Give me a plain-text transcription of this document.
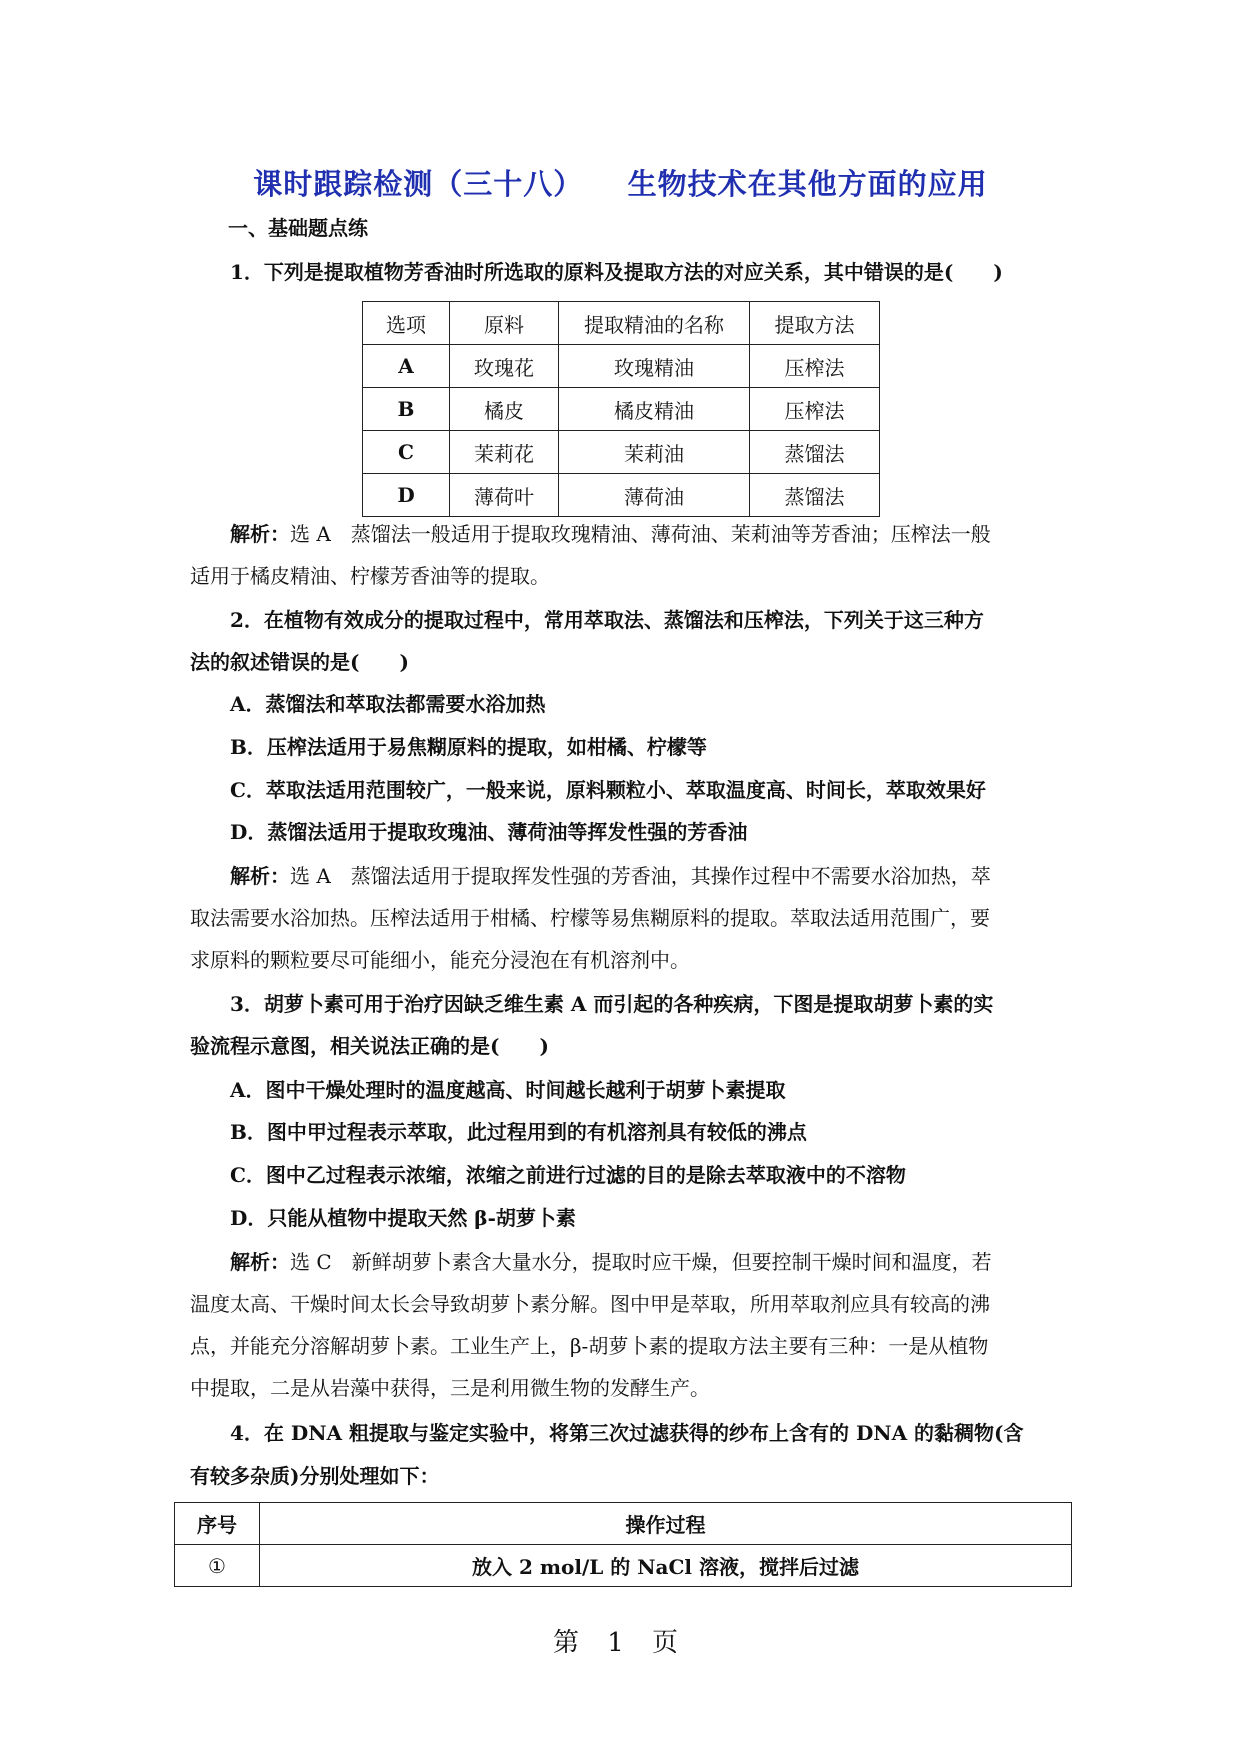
课时跟踪检测（三十八）    生物技术在其他方面的应用
一、基础题点练
1．下列是提取植物芳香油时所选取的原料及提取方法的对应关系，其中错误的是(　　)
选项	原料	提取精油的名称	提取方法
A	玫瑰花	玫瑰精油	压榨法
B	橘皮	橘皮精油	压榨法
C	茉莉花	茉莉油	蒸馏法
D	薄荷叶	薄荷油	蒸馏法
解析：选 A　蒸馏法一般适用于提取玫瑰精油、薄荷油、茉莉油等芳香油；压榨法一般
适用于橘皮精油、柠檬芳香油等的提取。
2．在植物有效成分的提取过程中，常用萃取法、蒸馏法和压榨法，下列关于这三种方
法的叙述错误的是(　　)
A．蒸馏法和萃取法都需要水浴加热
B．压榨法适用于易焦糊原料的提取，如柑橘、柠檬等
C．萃取法适用范围较广，一般来说，原料颗粒小、萃取温度高、时间长，萃取效果好
D．蒸馏法适用于提取玫瑰油、薄荷油等挥发性强的芳香油
解析：选 A　蒸馏法适用于提取挥发性强的芳香油，其操作过程中不需要水浴加热，萃
取法需要水浴加热。压榨法适用于柑橘、柠檬等易焦糊原料的提取。萃取法适用范围广，要
求原料的颗粒要尽可能细小，能充分浸泡在有机溶剂中。
3．胡萝卜素可用于治疗因缺乏维生素 A 而引起的各种疾病，下图是提取胡萝卜素的实
验流程示意图，相关说法正确的是(　　)
A．图中干燥处理时的温度越高、时间越长越利于胡萝卜素提取
B．图中甲过程表示萃取，此过程用到的有机溶剂具有较低的沸点
C．图中乙过程表示浓缩，浓缩之前进行过滤的目的是除去萃取液中的不溶物
D．只能从植物中提取天然 β-胡萝卜素
解析：选 C　新鲜胡萝卜素含大量水分，提取时应干燥，但要控制干燥时间和温度，若
温度太高、干燥时间太长会导致胡萝卜素分解。图中甲是萃取，所用萃取剂应具有较高的沸
点，并能充分溶解胡萝卜素。工业生产上，β-胡萝卜素的提取方法主要有三种：一是从植物
中提取，二是从岩藻中获得，三是利用微生物的发酵生产。
4．在 DNA 粗提取与鉴定实验中，将第三次过滤获得的纱布上含有的 DNA 的黏稠物(含
有较多杂质)分别处理如下：
序号	操作过程
①	放入 2 mol/L 的 NaCl 溶液，搅拌后过滤
第 1 页
